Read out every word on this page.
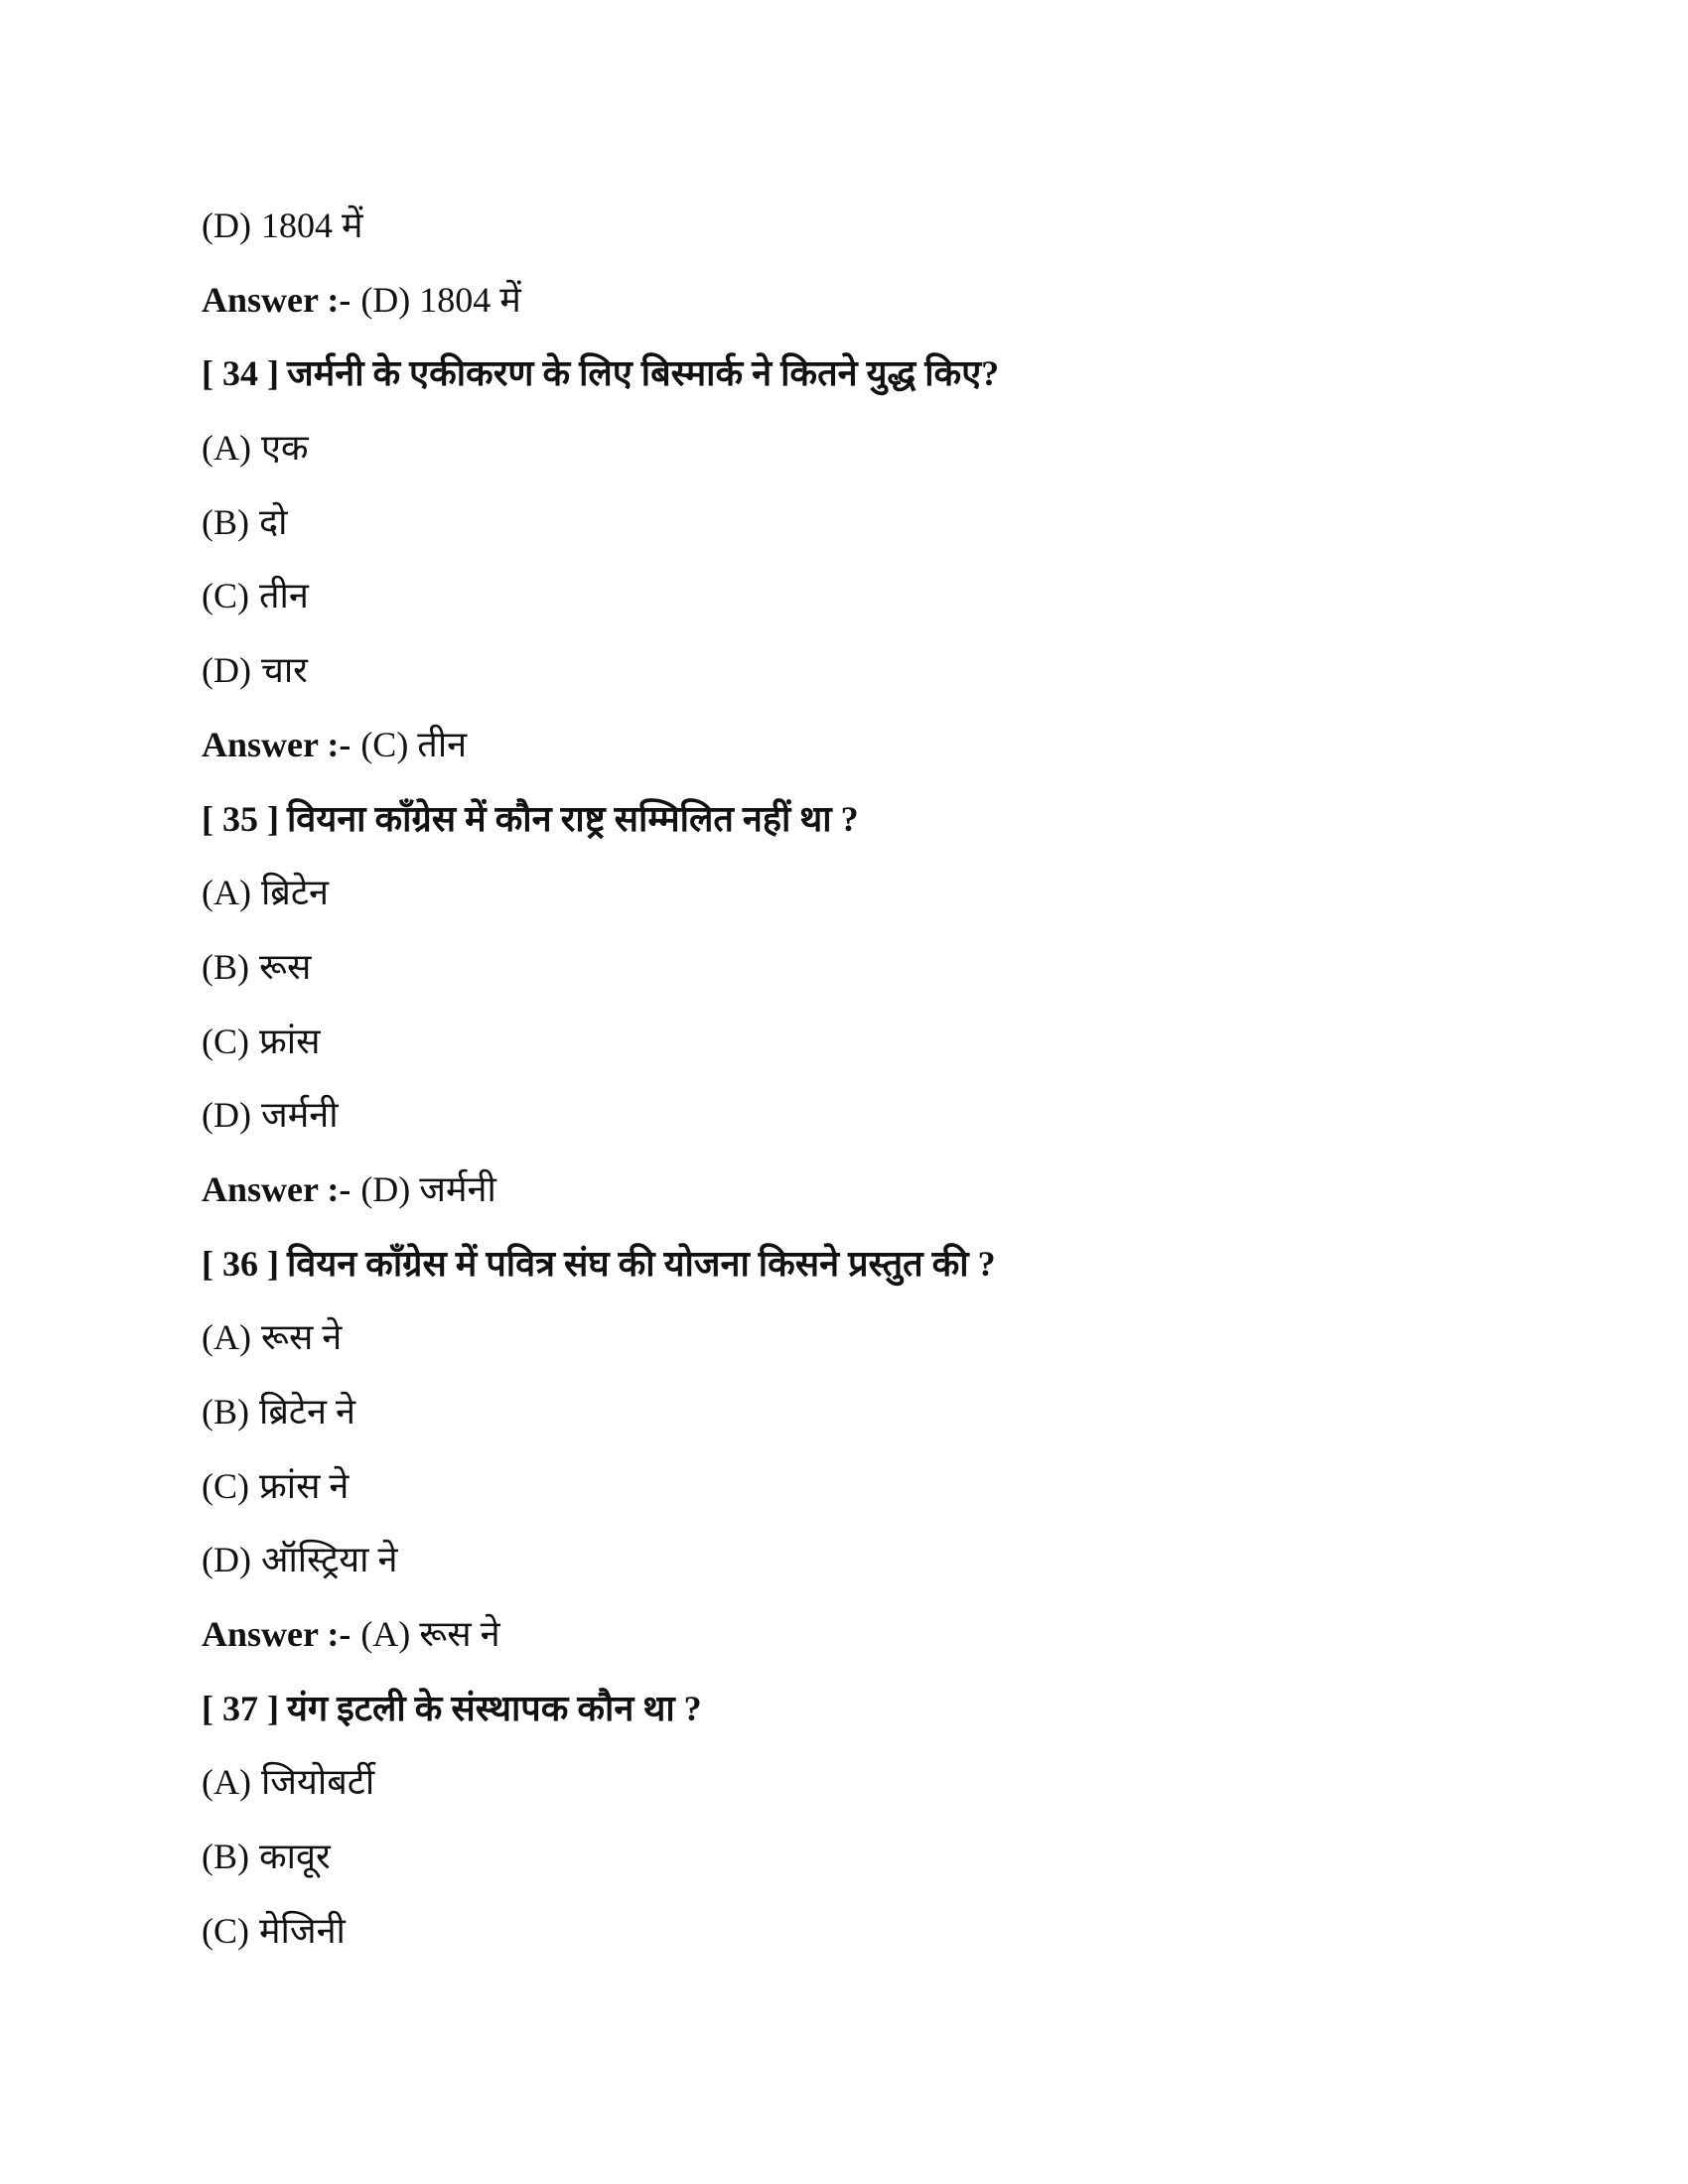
(D) 1804 में
Answer :- (D) 1804 में
[ 34 ] जर्मनी के एकीकरण के लिए बिस्मार्क ने कितने युद्ध किए?
(A) एक
(B) दो
(C) तीन
(D) चार
Answer :- (C) तीन
[ 35 ] वियना काँग्रेस में कौन राष्ट्र सम्मिलित नहीं था ?
(A) ब्रिटेन
(B) रूस
(C) फ्रांस
(D) जर्मनी
Answer :- (D) जर्मनी
[ 36 ] वियन काँग्रेस में पवित्र संघ की योजना किसने प्रस्तुत की ?
(A) रूस ने
(B) ब्रिटेन ने
(C) फ्रांस ने
(D) ऑस्ट्रिया ने
Answer :- (A) रूस ने
[ 37 ] यंग इटली के संस्थापक कौन था ?
(A) जियोबर्टी
(B) कावूर
(C) मेजिनी
